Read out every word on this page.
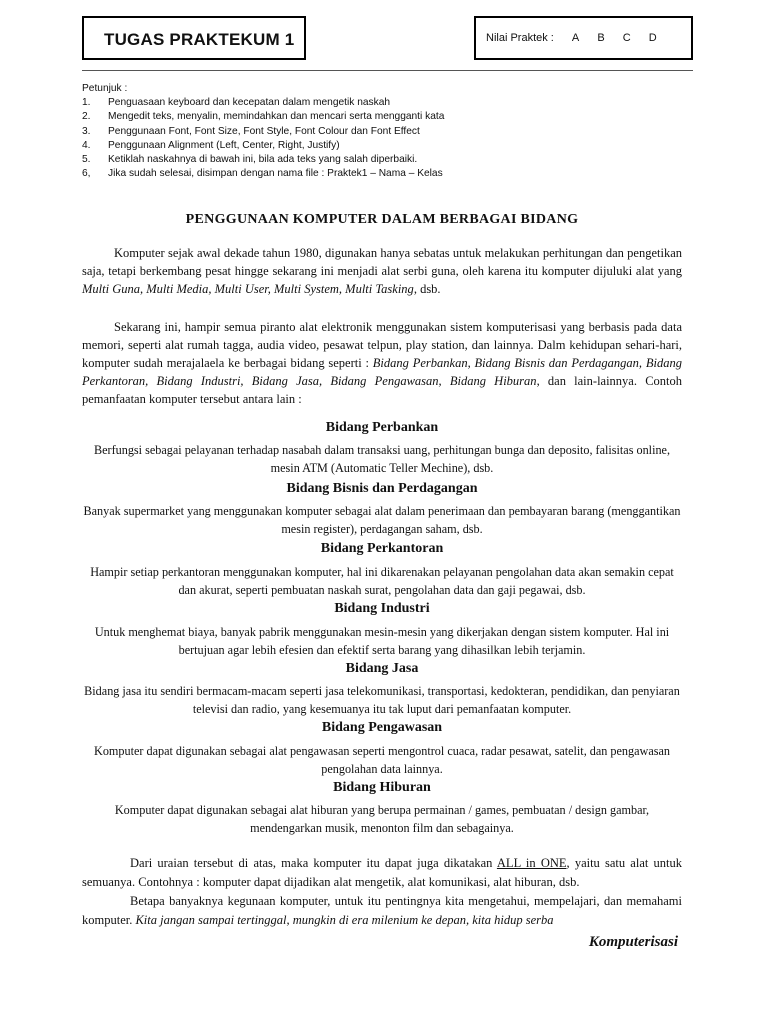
TUGAS PRAKTEKUM 1	Nilai Praktek : A B C D
Petunjuk :
1. Penguasaan keyboard dan kecepatan dalam mengetik naskah
2. Mengedit teks, menyalin, memindahkan dan mencari serta mengganti kata
3. Penggunaan Font, Font Size, Font Style, Font Colour dan Font Effect
4. Penggunaan Alignment (Left, Center, Right, Justify)
5. Ketiklah naskahnya di bawah ini, bila ada teks yang salah diperbaiki.
6, Jika sudah selesai, disimpan dengan nama file : Praktek1 – Nama – Kelas
PENGGUNAAN KOMPUTER DALAM BERBAGAI BIDANG
Komputer sejak awal dekade tahun 1980, digunakan hanya sebatas untuk melakukan perhitungan dan pengetikan saja, tetapi berkembang pesat hingge sekarang ini menjadi alat serbi guna, oleh karena itu komputer dijuluki alat yang Multi Guna, Multi Media, Multi User, Multi System, Multi Tasking, dsb.
Sekarang ini, hampir semua piranto alat elektronik menggunakan sistem komputerisasi yang berbasis pada data memori, seperti alat rumah tagga, audia video, pesawat telpun, play station, dan lainnya. Dalm kehidupan sehari-hari, komputer sudah merajalaela ke berbagai bidang seperti : Bidang Perbankan, Bidang Bisnis dan Perdagangan, Bidang Perkantoran, Bidang Industri, Bidang Jasa, Bidang Pengawasan, Bidang Hiburan, dan lain-lainnya. Contoh pemanfaatan komputer tersebut antara lain :
Bidang Perbankan
Berfungsi sebagai pelayanan terhadap nasabah dalam transaksi uang, perhitungan bunga dan deposito, falisitas online, mesin ATM (Automatic Teller Mechine), dsb.
Bidang Bisnis dan Perdagangan
Banyak supermarket yang menggunakan komputer sebagai alat dalam penerimaan dan pembayaran barang (menggantikan mesin register), perdagangan saham, dsb.
Bidang Perkantoran
Hampir setiap perkantoran menggunakan komputer, hal ini dikarenakan pelayanan pengolahan data akan semakin cepat dan akurat, seperti pembuatan naskah surat, pengolahan data dan gaji pegawai, dsb.
Bidang Industri
Untuk menghemat biaya, banyak pabrik menggunakan mesin-mesin yang dikerjakan dengan sistem komputer. Hal ini bertujuan agar lebih efesien dan efektif serta barang yang dihasilkan lebih terjamin.
Bidang Jasa
Bidang jasa itu sendiri bermacam-macam seperti jasa telekomunikasi, transportasi, kedokteran, pendidikan, dan penyiaran televisi dan radio, yang kesemuanya itu tak luput dari pemanfaatan komputer.
Bidang Pengawasan
Komputer dapat digunakan sebagai alat pengawasan seperti mengontrol cuaca, radar pesawat, satelit, dan pengawasan pengolahan data lainnya.
Bidang Hiburan
Komputer dapat digunakan sebagai alat hiburan yang berupa permainan / games, pembuatan / design gambar, mendengarkan musik, menonton film dan sebagainya.
Dari uraian tersebut di atas, maka komputer itu dapat juga dikatakan ALL in ONE, yaitu satu alat untuk semuanya. Contohnya : komputer dapat dijadikan alat mengetik, alat komunikasi, alat hiburan, dsb.
Betapa banyaknya kegunaan komputer, untuk itu pentingnya kita mengetahui, mempelajari, dan memahami komputer. Kita jangan sampai tertinggal, mungkin di era milenium ke depan, kita hidup serba
Komputerisasi
